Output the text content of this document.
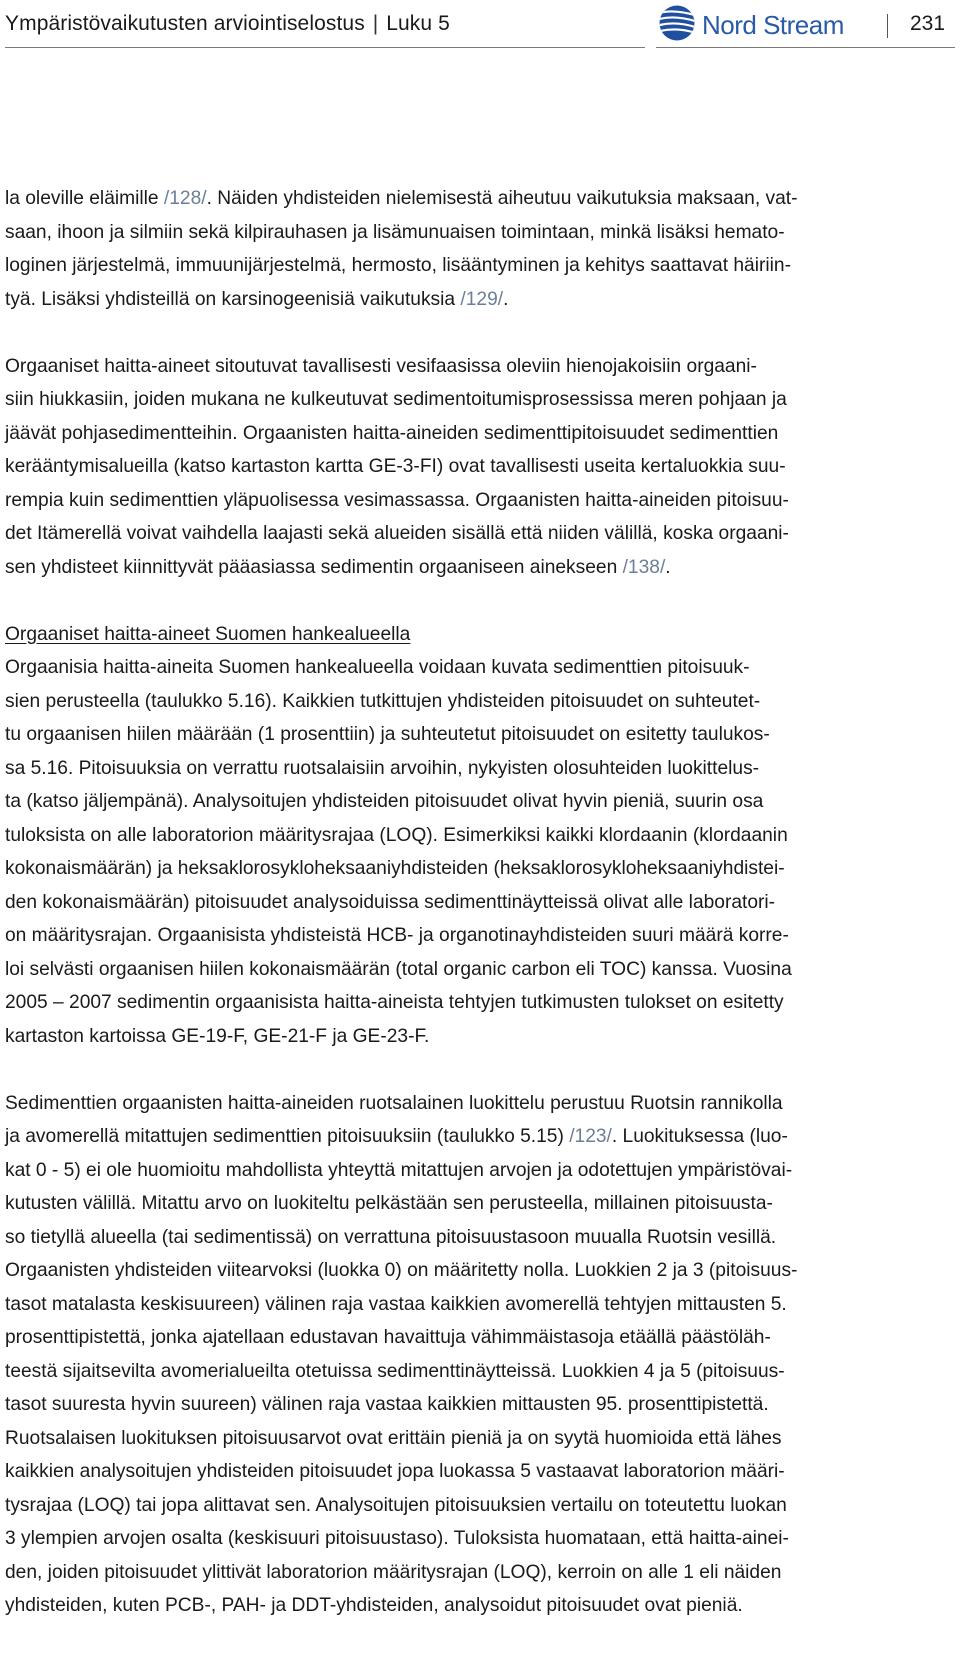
Ympäristövaikutusten arviointiselostus | Luku 5	Nord Stream	231
la oleville eläimille /128/. Näiden yhdisteiden nielemisestä aiheutuu vaikutuksia maksaan, vat-
saan, ihoon ja silmiin sekä kilpirauhasen ja lisämunuaisen toimintaan, minkä lisäksi hemato-
loginen järjestelmä, immuunijärjestelmä, hermosto, lisääntyminen ja kehitys saattavat häiriin-
tyä. Lisäksi yhdisteillä on karsinogeenisiä vaikutuksia /129/.
Orgaaniset haitta-aineet sitoutuvat tavallisesti vesifaasissa oleviin hienojakoisiin orgaani-
siin hiukkasiin, joiden mukana ne kulkeutuvat sedimentoitumisprosessissa meren pohjaan ja
jäävät pohjasedimentteihin. Orgaanisten haitta-aineiden sedimenttipitoisuudet sedimenttien
kerääntymisalueilla (katso kartaston kartta GE-3-FI) ovat tavallisesti useita kertaluokkia suu-
rempia kuin sedimenttien yläpuolisessa vesimassassa. Orgaanisten haitta-aineiden pitoisuu-
det Itämerellä voivat vaihdella laajasti sekä alueiden sisällä että niiden välillä, koska orgaani-
sen yhdisteet kiinnittyvät pääasiassa sedimentin orgaaniseen ainekseen /138/.
Orgaaniset haitta-aineet Suomen hankealueella
Orgaanisia haitta-aineita Suomen hankealueella voidaan kuvata sedimenttien pitoisuuk-
sien perusteella (taulukko 5.16). Kaikkien tutkittujen yhdisteiden pitoisuudet on suhteutet-
tu orgaanisen hiilen määrään (1 prosenttiin) ja suhteutetut pitoisuudet on esitetty taulukos-
sa 5.16. Pitoisuuksia on verrattu ruotsalaisiin arvoihin, nykyisten olosuhteiden luokittelus-
ta (katso jäljempänä). Analysoitujen yhdisteiden pitoisuudet olivat hyvin pieniä, suurin osa
tuloksista on alle laboratorion määritysrajaa (LOQ). Esimerkiksi kaikki klordaanin (klordaanin
kokonaismäärän) ja heksaklorosykloheksaaniyhdisteiden (heksaklorosykloheksaaniyhdistei-
den kokonaismäärän) pitoisuudet analysoiduissa sedimenttinäytteissä olivat alle laboratori-
on määritysrajan. Orgaanisista yhdisteistä HCB- ja organotinayhdisteiden suuri määrä korre-
loi selvästi orgaanisen hiilen kokonaismäärän (total organic carbon eli TOC) kanssa. Vuosina
2005 – 2007 sedimentin orgaanisista haitta-aineista tehtyjen tutkimusten tulokset on esitetty
kartaston kartoissa GE-19-F, GE-21-F ja GE-23-F.
Sedimenttien orgaanisten haitta-aineiden ruotsalainen luokittelu perustuu Ruotsin rannikolla
ja avomerellä mitattujen sedimenttien pitoisuuksiin (taulukko 5.15) /123/. Luokituksessa (luo-
kat 0 - 5) ei ole huomioitu mahdollista yhteyttä mitattujen arvojen ja odotettujen ympäristövai-
kutusten välillä. Mitattu arvo on luokiteltu pelkästään sen perusteella, millainen pitoisuusta-
so tietyllä alueella (tai sedimentissä) on verrattuna pitoisuustasoon muualla Ruotsin vesillä.
Orgaanisten yhdisteiden viitearvoksi (luokka 0) on määritetty nolla. Luokkien 2 ja 3 (pitoisuus-
tasot matalasta keskisuureen) välinen raja vastaa kaikkien avomerellä tehtyjen mittausten 5.
prosenttipistettä, jonka ajatellaan edustavan havaittuja vähimmäistasoja etäällä päästöläh-
teestä sijaitsevilta avomerialueilta otetuissa sedimenttinäytteissä. Luokkien 4 ja 5 (pitoisuus-
tasot suuresta hyvin suureen) välinen raja vastaa kaikkien mittausten 95. prosenttipistettä.
Ruotsalaisen luokituksen pitoisuusarvot ovat erittäin pieniä ja on syytä huomioida että lähes
kaikkien analysoitujen yhdisteiden pitoisuudet jopa luokassa 5 vastaavat laboratorion määri-
tysrajaa (LOQ) tai jopa alittavat sen. Analysoitujen pitoisuuksien vertailu on toteutettu luokan
3 ylempien arvojen osalta (keskisuuri pitoisuustaso). Tuloksista huomataan, että haitta-ainei-
den, joiden pitoisuudet ylittivät laboratorion määritysrajan (LOQ), kerroin on alle 1 eli näiden
yhdisteiden, kuten PCB-, PAH- ja DDT-yhdisteiden, analysoidut pitoisuudet ovat pieniä.
